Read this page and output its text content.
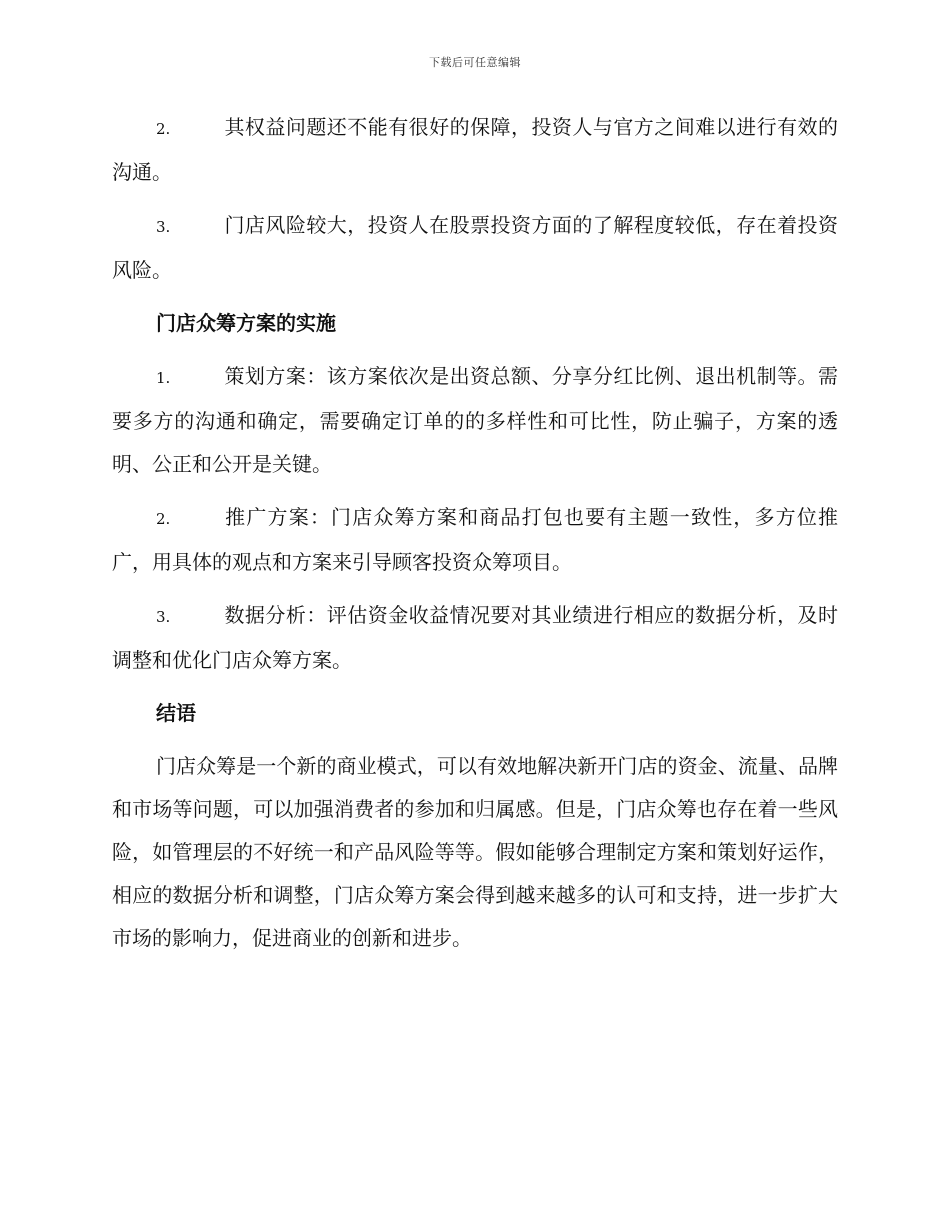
下载后可任意编辑

2.	其权益问题还不能有很好的保障，投资人与官方之间难以进行有效的沟通。

3.	门店风险较大，投资人在股票投资方面的了解程度较低，存在着投资风险。

门店众筹方案的实施

1.	策划方案：该方案依次是出资总额、分享分红比例、退出机制等。需要多方的沟通和确定，需要确定订单的的多样性和可比性，防止骗子，方案的透明、公正和公开是关键。

2.	推广方案：门店众筹方案和商品打包也要有主题一致性，多方位推广，用具体的观点和方案来引导顾客投资众筹项目。

3.	数据分析：评估资金收益情况要对其业绩进行相应的数据分析，及时调整和优化门店众筹方案。

结语

门店众筹是一个新的商业模式，可以有效地解决新开门店的资金、流量、品牌和市场等问题，可以加强消费者的参加和归属感。但是，门店众筹也存在着一些风险，如管理层的不好统一和产品风险等等。假如能够合理制定方案和策划好运作，相应的数据分析和调整，门店众筹方案会得到越来越多的认可和支持，进一步扩大市场的影响力，促进商业的创新和进步。
